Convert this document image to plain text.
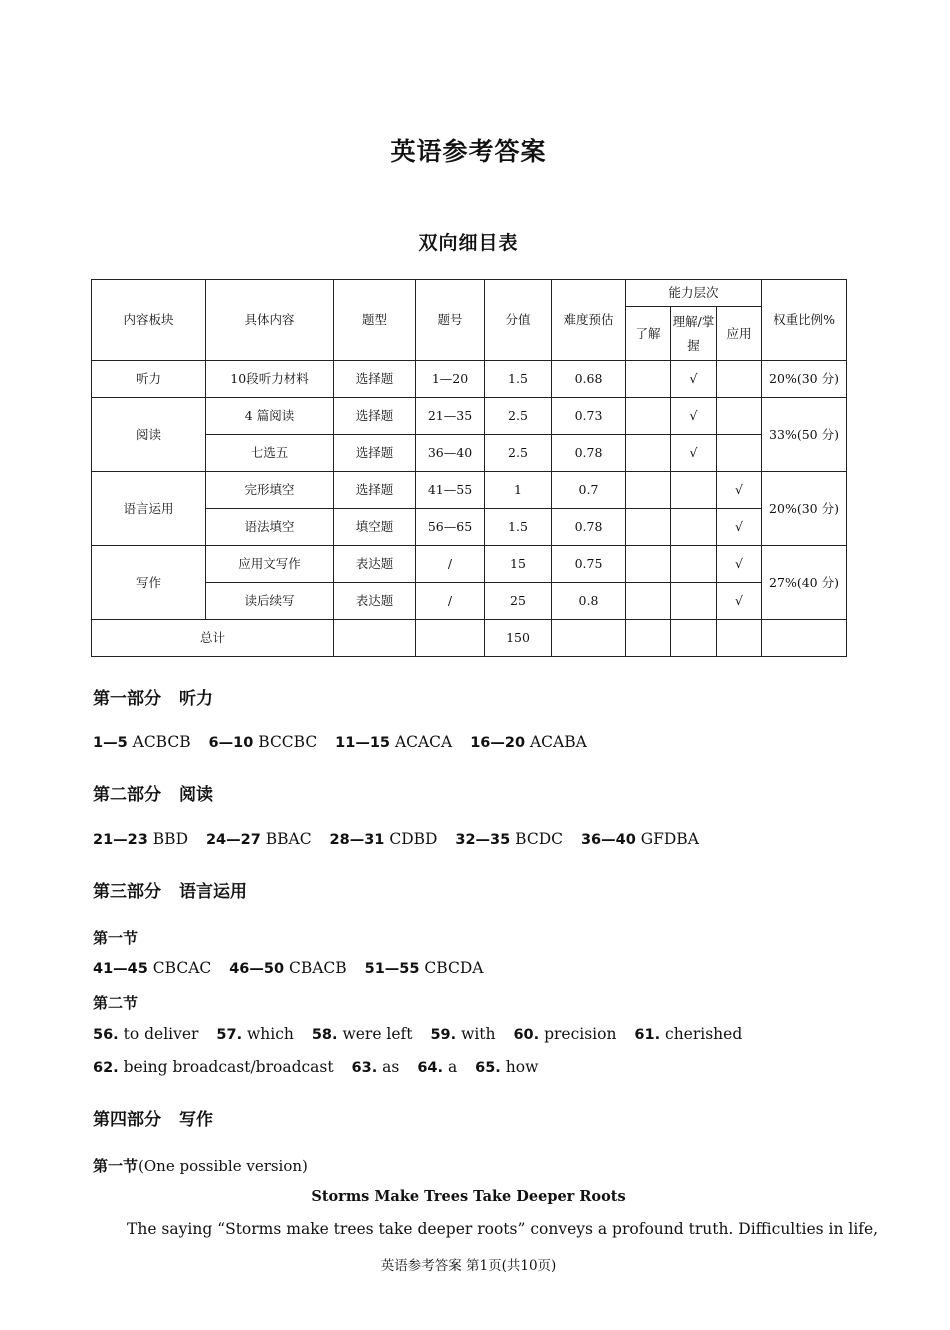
英语参考答案
双向细目表
内容板块	具体内容	题型	题号	分值	难度预估	能力层次			权重比例%
						了解	理解/掌握	应用	
听力	10段听力材料	选择题	1—20	1.5	0.68		√		20%(30 分)
阅读	4 篇阅读	选择题	21—35	2.5	0.73		√		33%(50 分)
	七选五	选择题	36—40	2.5	0.78		√		
语言运用	完形填空	选择题	41—55	1	0.7			√	20%(30 分)
	语法填空	填空题	56—65	1.5	0.78			√	
写作	应用文写作	表达题	/	15	0.75			√	27%(40 分)
	读后续写	表达题	/	25	0.8			√	
总计				150					
第一部分 听力
1—5 ACBCB 6—10 BCCBC 11—15 ACACA 16—20 ACABA
第二部分 阅读
21—23 BBD 24—27 BBAC 28—31 CDBD 32—35 BCDC 36—40 GFDBA
第三部分 语言运用
第一节
41—45 CBCAC 46—50 CBACB 51—55 CBCDA
第二节
56. to deliver 57. which 58. were left 59. with 60. precision 61. cherished
62. being broadcast/broadcast 63. as 64. a 65. how
第四部分 写作
第一节(One possible version)
Storms Make Trees Take Deeper Roots
The saying “Storms make trees take deeper roots” conveys a profound truth. Difficulties in life,
英语参考答案 第1页(共10页)
